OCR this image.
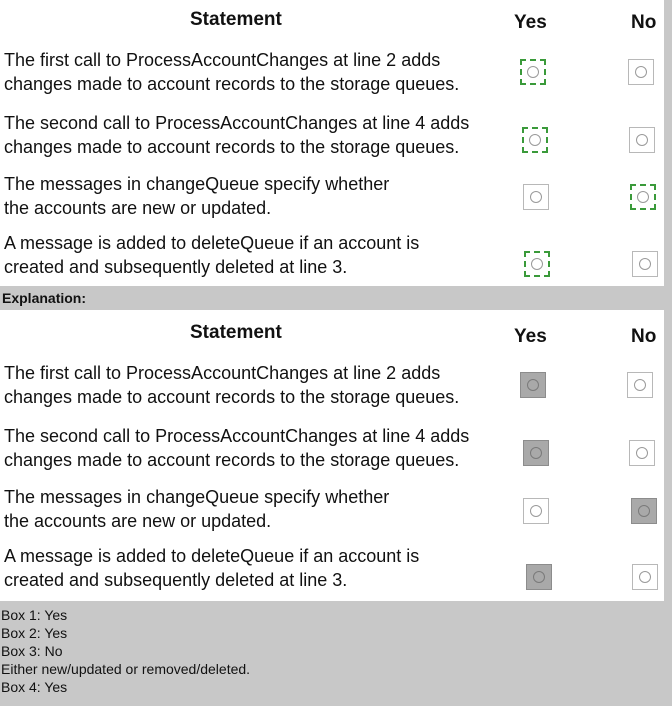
Statement	Yes	No
The first call to ProcessAccountChanges at line 2 adds
changes made to account records to the storage queues.
The second call to ProcessAccountChanges at line 4 adds
changes made to account records to the storage queues.
The messages in changeQueue specify whether
the accounts are new or updated.
A message is added to deleteQueue if an account is
created and subsequently deleted at line 3.
Explanation:
Statement	Yes	No
The first call to ProcessAccountChanges at line 2 adds
changes made to account records to the storage queues.
The second call to ProcessAccountChanges at line 4 adds
changes made to account records to the storage queues.
The messages in changeQueue specify whether
the accounts are new or updated.
A message is added to deleteQueue if an account is
created and subsequently deleted at line 3.
Box 1: Yes
Box 2: Yes
Box 3: No
Either new/updated or removed/deleted.
Box 4: Yes
